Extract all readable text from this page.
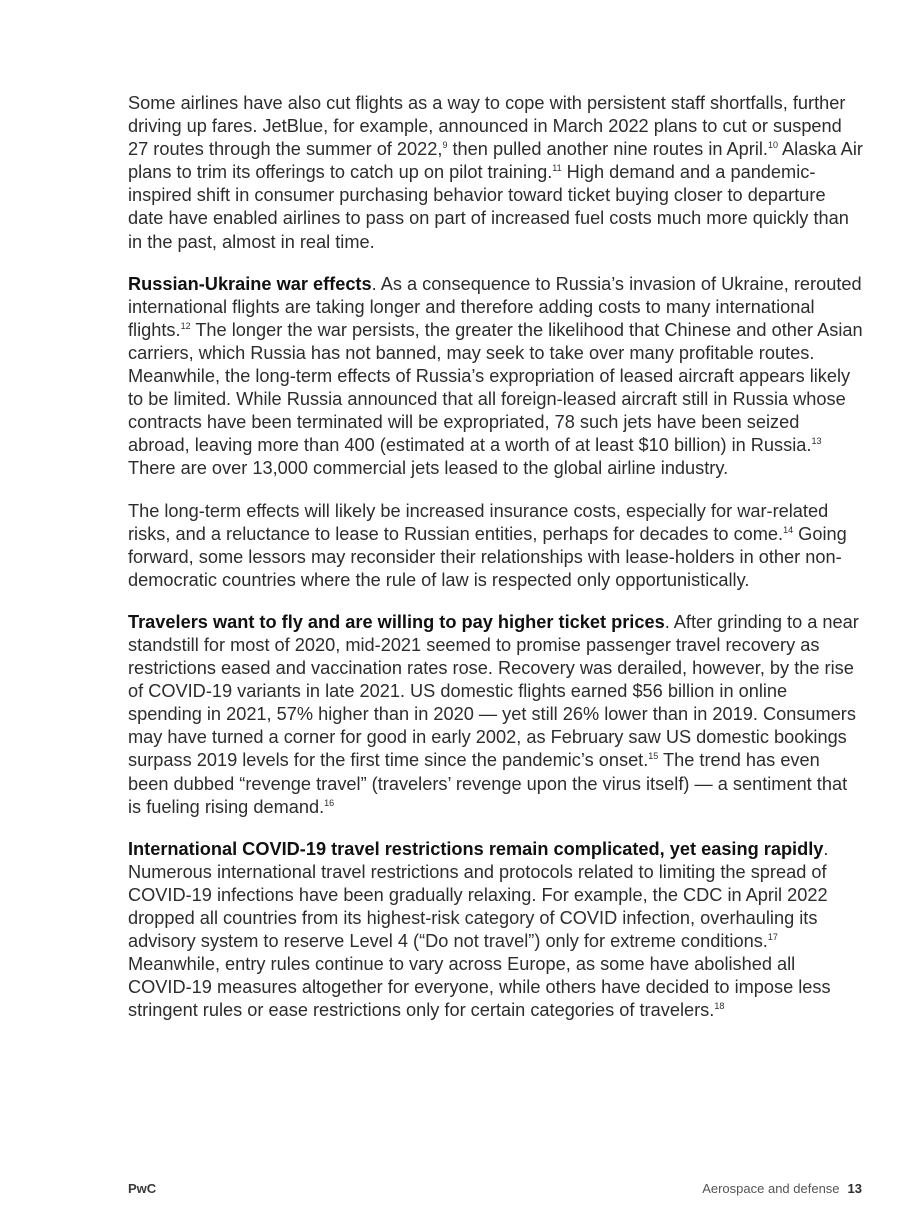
Some airlines have also cut flights as a way to cope with persistent staff shortfalls, further driving up fares. JetBlue, for example, announced in March 2022 plans to cut or suspend 27 routes through the summer of 2022,$^9$ then pulled another nine routes in April.$^{10}$ Alaska Air plans to trim its offerings to catch up on pilot training.$^{11}$ High demand and a pandemic-inspired shift in consumer purchasing behavior toward ticket buying closer to departure date have enabled airlines to pass on part of increased fuel costs much more quickly than in the past, almost in real time.

Russian-Ukraine war effects. As a consequence to Russia’s invasion of Ukraine, rerouted international flights are taking longer and therefore adding costs to many international flights.$^{12}$ The longer the war persists, the greater the likelihood that Chinese and other Asian carriers, which Russia has not banned, may seek to take over many profitable routes. Meanwhile, the long-term effects of Russia’s expropriation of leased aircraft appears likely to be limited. While Russia announced that all foreign-leased aircraft still in Russia whose contracts have been terminated will be expropriated, 78 such jets have been seized abroad, leaving more than 400 (estimated at a worth of at least $10 billion) in Russia.$^{13}$ There are over 13,000 commercial jets leased to the global airline industry.

The long-term effects will likely be increased insurance costs, especially for war-related risks, and a reluctance to lease to Russian entities, perhaps for decades to come.$^{14}$ Going forward, some lessors may reconsider their relationships with lease-holders in other non-democratic countries where the rule of law is respected only opportunistically.

Travelers want to fly and are willing to pay higher ticket prices. After grinding to a near standstill for most of 2020, mid-2021 seemed to promise passenger travel recovery as restrictions eased and vaccination rates rose. Recovery was derailed, however, by the rise of COVID-19 variants in late 2021. US domestic flights earned $56 billion in online spending in 2021, 57% higher than in 2020 — yet still 26% lower than in 2019. Consumers may have turned a corner for good in early 2002, as February saw US domestic bookings surpass 2019 levels for the first time since the pandemic’s onset.$^{15}$ The trend has even been dubbed “revenge travel” (travelers’ revenge upon the virus itself) — a sentiment that is fueling rising demand.$^{16}$

International COVID-19 travel restrictions remain complicated, yet easing rapidly. Numerous international travel restrictions and protocols related to limiting the spread of COVID-19 infections have been gradually relaxing. For example, the CDC in April 2022 dropped all countries from its highest-risk category of COVID infection, overhauling its advisory system to reserve Level 4 (“Do not travel”) only for extreme conditions.$^{17}$ Meanwhile, entry rules continue to vary across Europe, as some have abolished all COVID-19 measures altogether for everyone, while others have decided to impose less stringent rules or ease restrictions only for certain categories of travelers.$^{18}$

PwC	Aerospace and defense 13
